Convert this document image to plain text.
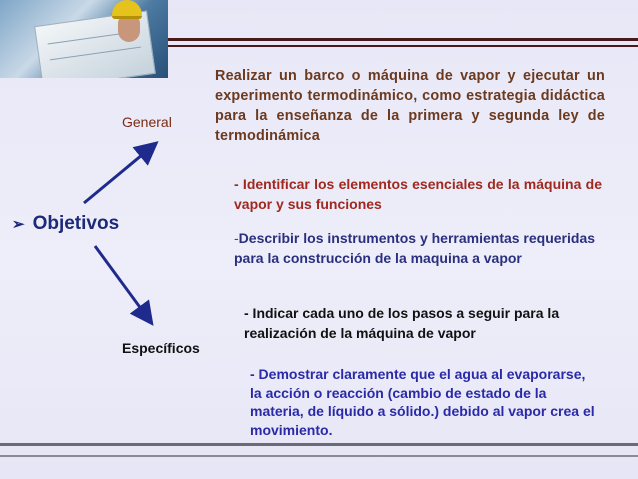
General

Realizar un barco o máquina de vapor y ejecutar un experimento termodinámico, como estrategia didáctica para la enseñanza de la primera y segunda ley de termodinámica

➢ Objetivos

Específicos

- Identificar los elementos esenciales de la máquina de vapor y sus funciones

-Describir los instrumentos y herramientas requeridas para la construcción de la maquina a vapor

- Indicar cada uno de los pasos a seguir para la realización de la máquina de vapor

- Demostrar claramente que el agua al evaporarse, la acción o reacción (cambio de estado de la materia, de líquido a sólido.) debido al vapor crea el movimiento.
